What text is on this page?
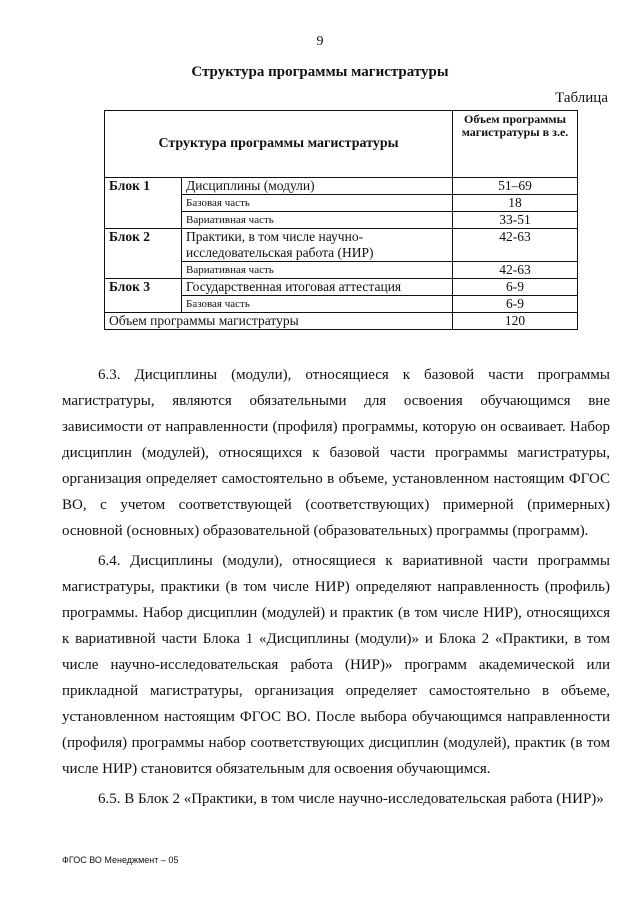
9
Структура программы магистратуры
Таблица
Структура программы магистратуры		Объем программы магистратуры в з.е.
Блок 1	Дисциплины (модули)	51–69
	Базовая часть	18
	Вариативная часть	33-51
Блок 2	Практики, в том числе научно-исследовательская работа (НИР)	42-63
	Вариативная часть	42-63
Блок 3	Государственная итоговая аттестация	6-9
	Базовая часть	6-9
Объем программы магистратуры		120

6.3. Дисциплины (модули), относящиеся к базовой части программы магистратуры, являются обязательными для освоения обучающимся вне зависимости от направленности (профиля) программы, которую он осваивает. Набор дисциплин (модулей), относящихся к базовой части программы магистратуры, организация определяет самостоятельно в объеме, установленном настоящим ФГОС ВО, с учетом соответствующей (соответствующих) примерной (примерных) основной (основных) образовательной (образовательных) программы (программ).

6.4. Дисциплины (модули), относящиеся к вариативной части программы магистратуры, практики (в том числе НИР) определяют направленность (профиль) программы. Набор дисциплин (модулей) и практик (в том числе НИР), относящихся к вариативной части Блока 1 «Дисциплины (модули)» и Блока 2 «Практики, в том числе научно-исследовательская работа (НИР)» программ академической или прикладной магистратуры, организация определяет самостоятельно в объеме, установленном настоящим ФГОС ВО. После выбора обучающимся направленности (профиля) программы набор соответствующих дисциплин (модулей), практик (в том числе НИР) становится обязательным для освоения обучающимся.

6.5. В Блок 2 «Практики, в том числе научно-исследовательская работа (НИР)»

ФГОС ВО Менеджмент – 05
